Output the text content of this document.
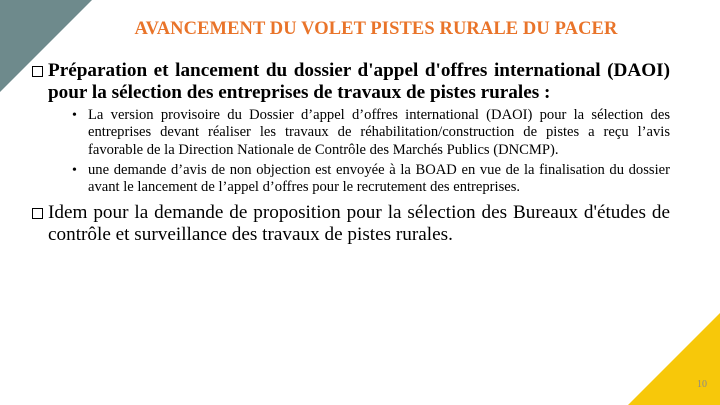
AVANCEMENT DU VOLET PISTES RURALE DU PACER
Préparation et lancement du dossier d'appel d'offres international (DAOI) pour la sélection des entreprises de travaux de pistes rurales :
• La version provisoire du Dossier d’appel d’offres international (DAOI) pour la sélection des entreprises devant réaliser les travaux de réhabilitation/construction de pistes a reçu l’avis favorable de la Direction Nationale de Contrôle des Marchés Publics (DNCMP).
• une demande d’avis de non objection est envoyée à la BOAD en vue de la finalisation du dossier avant le lancement de l’appel d’offres pour le recrutement des entreprises.
Idem pour la demande de proposition pour la sélection des Bureaux d'études de contrôle et surveillance des travaux de pistes rurales.
10
